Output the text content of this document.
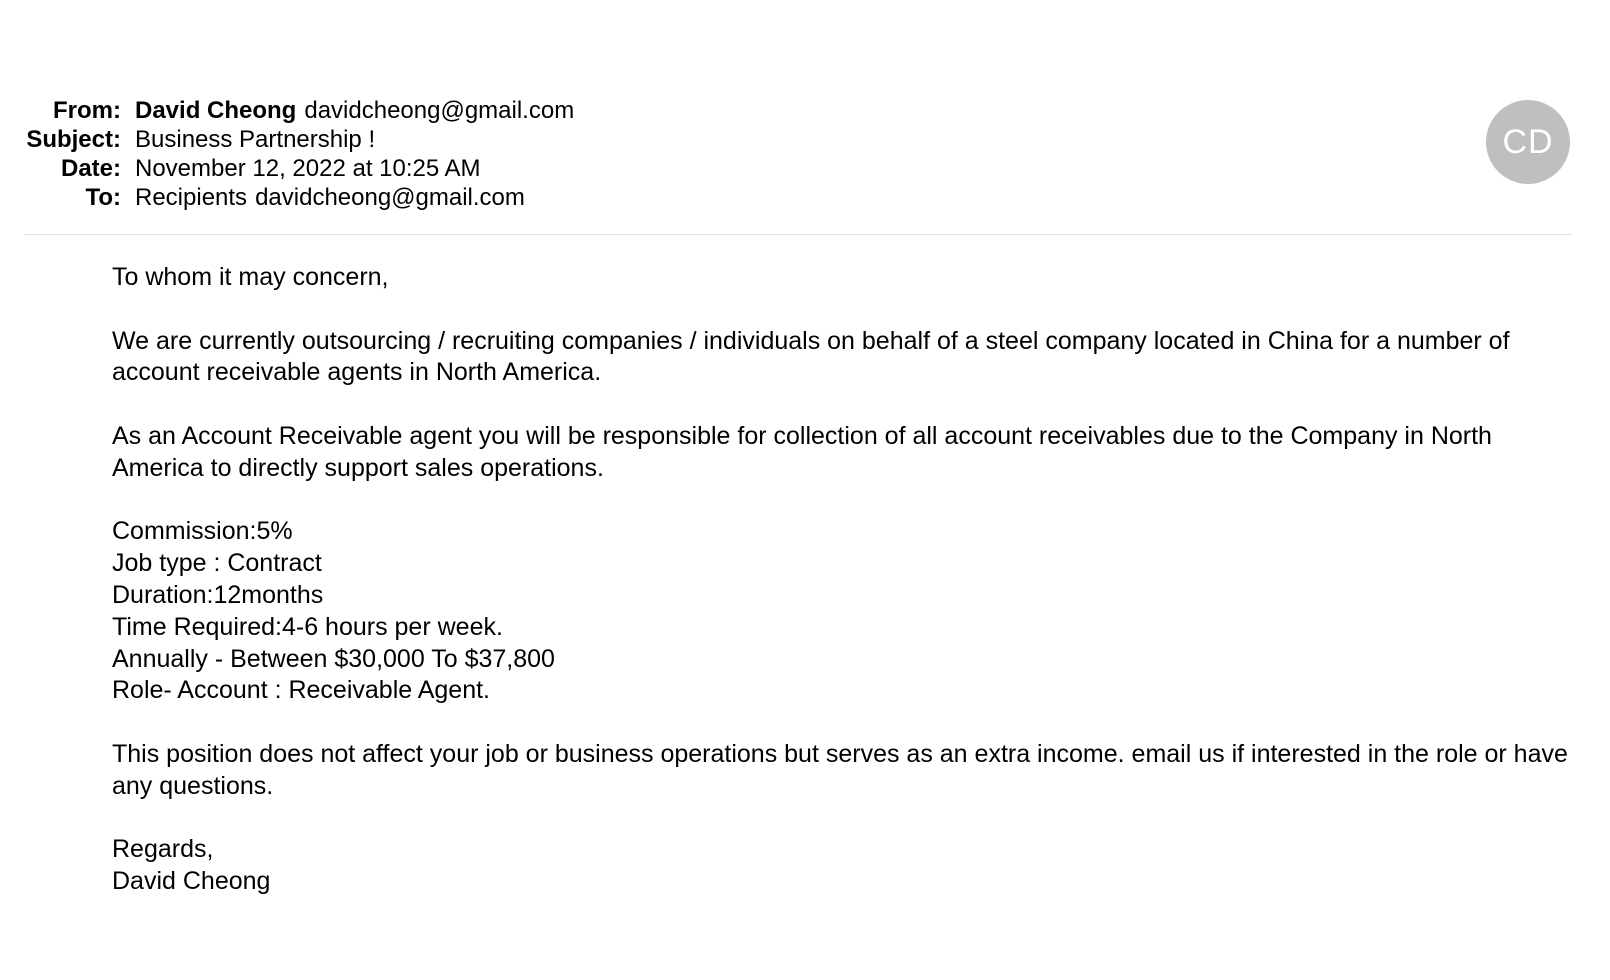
From: David Cheong davidcheong@gmail.com
Subject: Business Partnership !
Date: November 12, 2022 at 10:25 AM
To: Recipients davidcheong@gmail.com
CD

To whom it may concern,

We are currently outsourcing / recruiting companies / individuals on behalf of a steel company located in China for a number of account receivable agents in North America.

As an Account Receivable agent you will be responsible for collection of all account receivables due to the Company in North America to directly support sales operations.

Commission:5%
Job type : Contract
Duration:12months
Time Required:4-6 hours per week.
Annually - Between $30,000 To $37,800
Role- Account : Receivable Agent.

This position does not affect your job or business operations but serves as an extra income. email us if interested in the role or have any questions.

Regards,
David Cheong
